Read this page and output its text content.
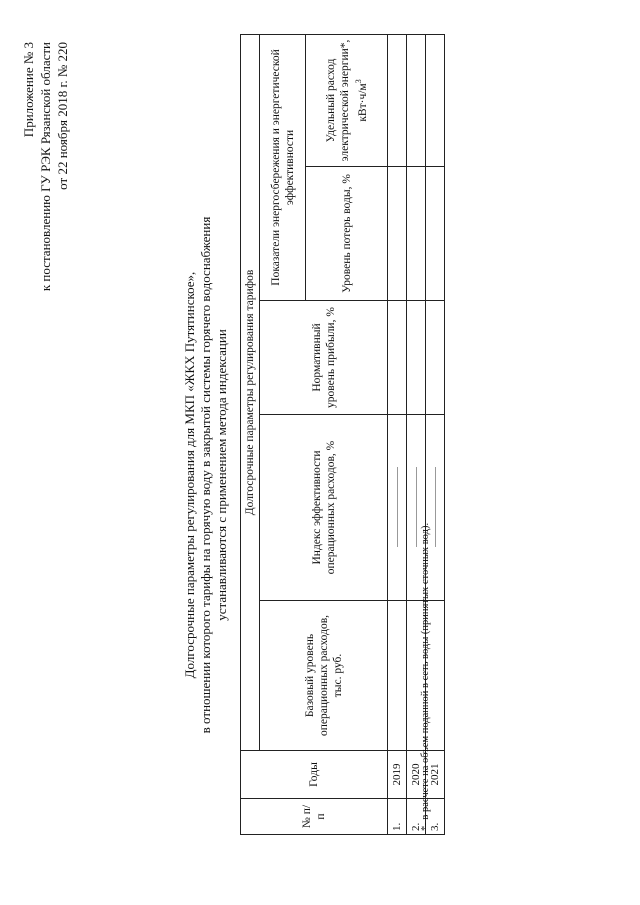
Приложение № 3 к постановлению ГУ РЭК Рязанской области от 22 ноября 2018 г. № 220
Долгосрочные параметры регулирования для МКП «ЖКХ Путятинское», в отношении которого тарифы на горячую воду в закрытой системы горячего водоснабжения устанавливаются с применением метода индексации
№ п/п	Годы	Долгосрочные параметры регулирования тарифов				
		Базовый уровень операционных расходов, тыс. руб.	Индекс эффективности операционных расходов, %	Нормативный уровень прибыли, %	Показатели энергосбережения и энергетической эффективности	
					Уровень потерь воды, %	Удельный расход электрической энергии*, $кВт\cdot ч/м^3$
1.	2019					
2.	2020					
3.	2021					
*- в расчете на объем поданной в сеть воды (принятых сточных вод).
